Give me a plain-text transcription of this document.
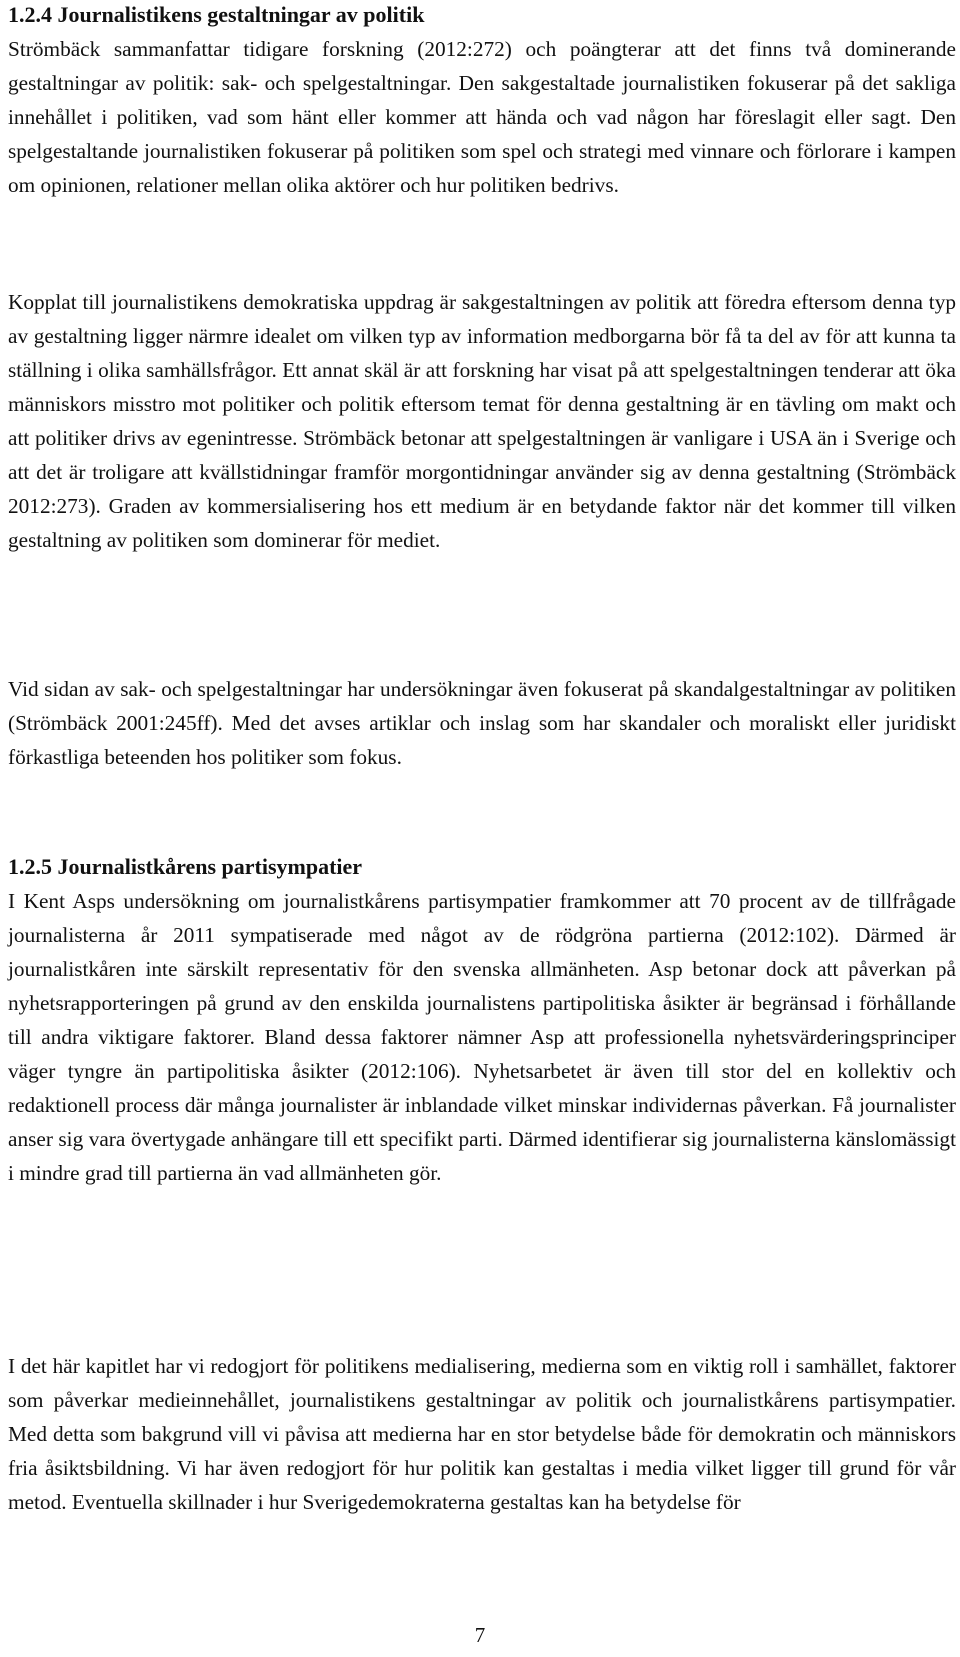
1.2.4 Journalistikens gestaltningar av politik

Strömbäck sammanfattar tidigare forskning (2012:272) och poängterar att det finns två dominerande gestaltningar av politik: sak- och spelgestaltningar. Den sakgestaltade journalistiken fokuserar på det sakliga innehållet i politiken, vad som hänt eller kommer att hända och vad någon har föreslagit eller sagt. Den spelgestaltande journalistiken fokuserar på politiken som spel och strategi med vinnare och förlorare i kampen om opinionen, relationer mellan olika aktörer och hur politiken bedrivs.

Kopplat till journalistikens demokratiska uppdrag är sakgestaltningen av politik att föredra eftersom denna typ av gestaltning ligger närmre idealet om vilken typ av information medborgarna bör få ta del av för att kunna ta ställning i olika samhällsfrågor. Ett annat skäl är att forskning har visat på att spelgestaltningen tenderar att öka människors misstro mot politiker och politik eftersom temat för denna gestaltning är en tävling om makt och att politiker drivs av egenintresse. Strömbäck betonar att spelgestaltningen är vanligare i USA än i Sverige och att det är troligare att kvällstidningar framför morgontidningar använder sig av denna gestaltning (Strömbäck 2012:273). Graden av kommersialisering hos ett medium är en betydande faktor när det kommer till vilken gestaltning av politiken som dominerar för mediet.

Vid sidan av sak- och spelgestaltningar har undersökningar även fokuserat på skandalgestaltningar av politiken (Strömbäck 2001:245ff). Med det avses artiklar och inslag som har skandaler och moraliskt eller juridiskt förkastliga beteenden hos politiker som fokus.

1.2.5 Journalistkårens partisympatier

I Kent Asps undersökning om journalistkårens partisympatier framkommer att 70 procent av de tillfrågade journalisterna år 2011 sympatiserade med något av de rödgröna partierna (2012:102). Därmed är journalistkåren inte särskilt representativ för den svenska allmänheten. Asp betonar dock att påverkan på nyhetsrapporteringen på grund av den enskilda journalistens partipolitiska åsikter är begränsad i förhållande till andra viktigare faktorer. Bland dessa faktorer nämner Asp att professionella nyhetsvärderingsprinciper väger tyngre än partipolitiska åsikter (2012:106). Nyhetsarbetet är även till stor del en kollektiv och redaktionell process där många journalister är inblandade vilket minskar individernas påverkan. Få journalister anser sig vara övertygade anhängare till ett specifikt parti. Därmed identifierar sig journalisterna känslomässigt i mindre grad till partierna än vad allmänheten gör.

I det här kapitlet har vi redogjort för politikens medialisering, medierna som en viktig roll i samhället, faktorer som påverkar medieinnehållet, journalistikens gestaltningar av politik och journalistkårens partisympatier. Med detta som bakgrund vill vi påvisa att medierna har en stor betydelse både för demokratin och människors fria åsiktsbildning. Vi har även redogjort för hur politik kan gestaltas i media vilket ligger till grund för vår metod. Eventuella skillnader i hur Sverigedemokraterna gestaltas kan ha betydelse för

7
